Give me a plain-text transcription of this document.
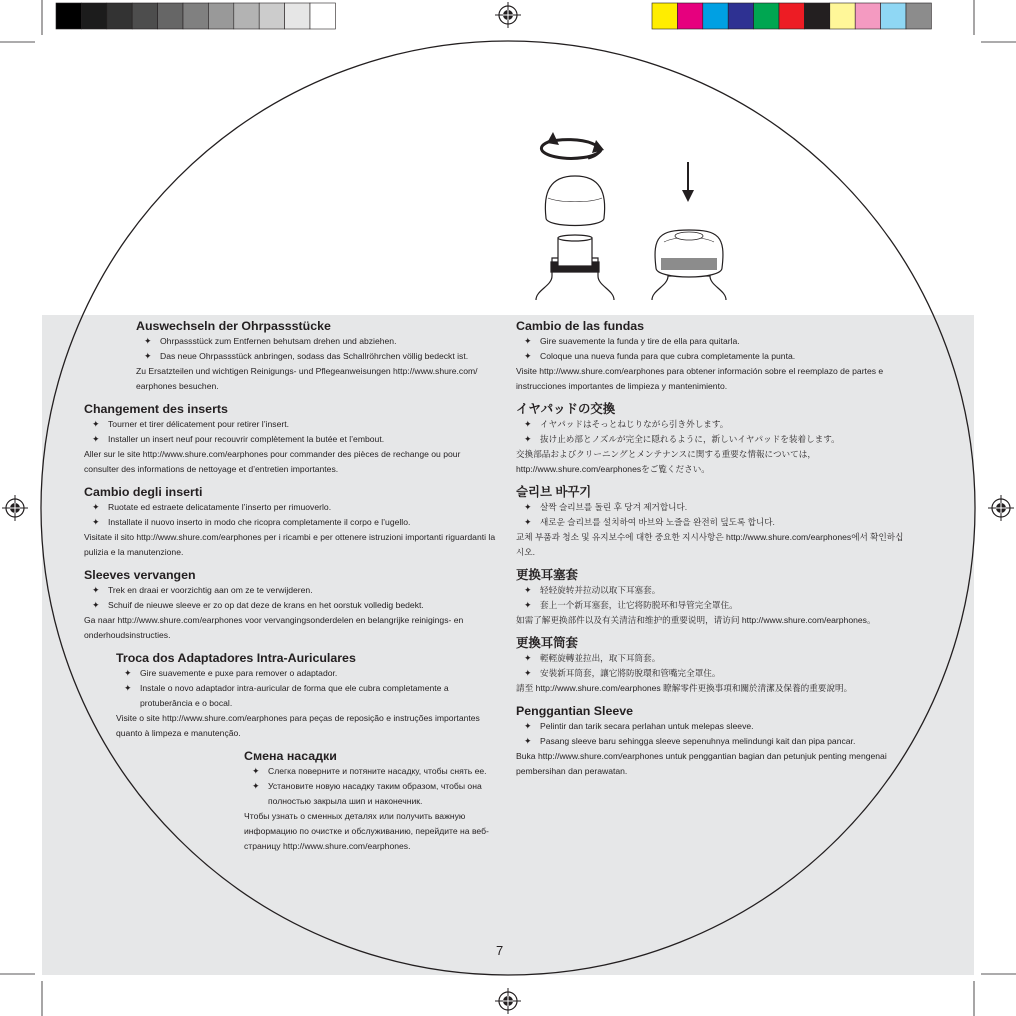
Auswechseln der Ohrpassstücke
✦ Ohrpassstück zum Entfernen behutsam drehen und abziehen.
✦ Das neue Ohrpassstück anbringen, sodass das Schallröhrchen völlig bedeckt ist.
Zu Ersatzteilen und wichtigen Reinigungs- und Pflegeanweisungen http://www.shure.com/ earphones besuchen.
Changement des inserts
✦ Tourner et tirer délicatement pour retirer l’insert.
✦ Installer un insert neuf pour recouvrir complètement la butée et l’embout.
Aller sur le site http://www.shure.com/earphones pour commander des pièces de rechange ou pour consulter des informations de nettoyage et d’entretien importantes.
Cambio degli inserti
✦ Ruotate ed estraete delicatamente l’inserto per rimuoverlo.
✦ Installate il nuovo inserto in modo che ricopra completamente il corpo e l’ugello.
Visitate il sito http://www.shure.com/earphones per i ricambi e per ottenere istruzioni importanti riguardanti la pulizia e la manutenzione.
Sleeves vervangen
✦ Trek en draai er voorzichtig aan om ze te verwijderen.
✦ Schuif de nieuwe sleeve er zo op dat deze de krans en het oorstuk volledig bedekt.
Ga naar http://www.shure.com/earphones voor vervangingsonderdelen en belangrijke reinigings- en onderhoudsinstructies.
Troca dos Adaptadores Intra-Auriculares
✦ Gire suavemente e puxe para remover o adaptador.
✦ Instale o novo adaptador intra-auricular de forma que ele cubra completamente a protuberância e o bocal.
Visite o site http://www.shure.com/earphones para peças de reposição e instruções importantes quanto à limpeza e manutenção.
Смена насадки
✦ Слегка поверните и потяните насадку, чтобы снять ее.
✦ Установите новую насадку таким образом, чтобы она полностью закрыла шип и наконечник.
Чтобы узнать о сменных деталях или получить важную информацию по очистке и обслуживанию, перейдите на веб-страницу http://www.shure.com/earphones.
Cambio de las fundas
✦ Gire suavemente la funda y tire de ella para quitarla.
✦ Coloque una nueva funda para que cubra completamente la punta.
Visite http://www.shure.com/earphones para obtener información sobre el reemplazo de partes e instrucciones importantes de limpieza y mantenimiento.
イヤパッドの交換
✦ イヤパッドはそっとねじりながら引き外します。
✦ 抜け止め部とノズルが完全に隠れるように，新しいイヤパッドを装着します。
交換部品およびクリーニングとメンテナンスに関する重要な情報については， http://www.shure.com/earphonesをご覧ください。
슬리브 바꾸기
✦ 살짝 슬리브를 돌린 후 당겨 제거합니다.
✦ 새로운 슬리브를 설치하여 바브와 노즐을 완전히 덮도록 합니다.
교체 부품과 청소 및 유지보수에 대한 중요한 지시사항은 http://www.shure.com/earphones에서 확인하십시오.
更换耳塞套
✦ 轻轻旋转并拉动以取下耳塞套。
✦ 套上一个新耳塞套，让它将防脱环和导管完全罩住。
如需了解更换部件以及有关清洁和维护的重要说明，请访问 http://www.shure.com/earphones。
更換耳筒套
✦ 輕輕旋轉並拉出，取下耳筒套。
✦ 安裝新耳筒套，讓它將防脫環和管嘴完全罩住。
請至 http://www.shure.com/earphones 瞭解零件更換事項和關於清潔及保養的重要說明。
Penggantian Sleeve
✦ Pelintir dan tarik secara perlahan untuk melepas sleeve.
✦ Pasang sleeve baru sehingga sleeve sepenuhnya melindungi kait dan pipa pancar.
Buka http://www.shure.com/earphones untuk penggantian bagian dan petunjuk penting mengenai pembersihan dan perawatan.
7
